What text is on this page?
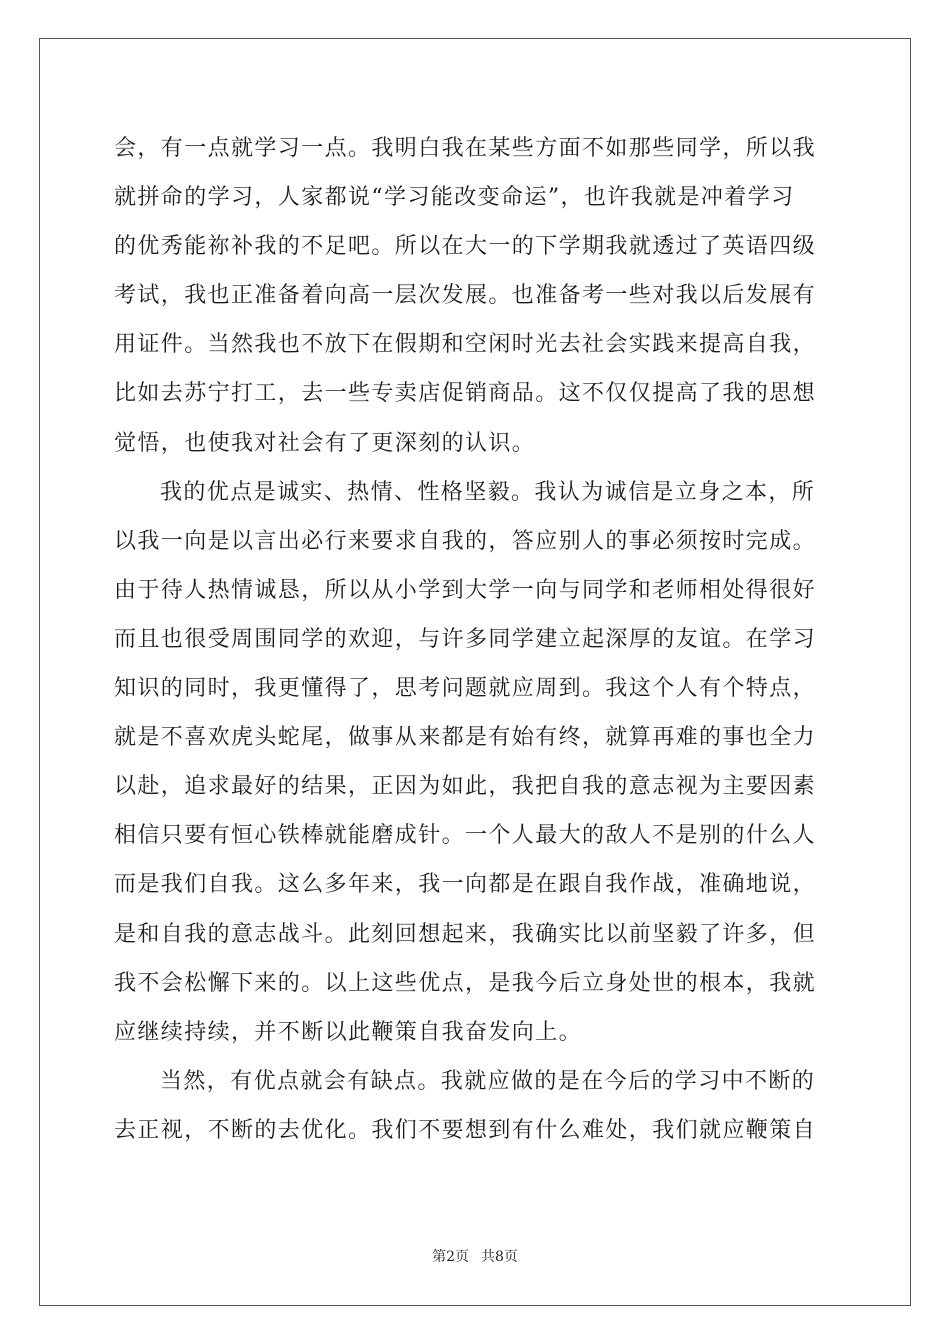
会，有一点就学习一点。我明白我在某些方面不如那些同学，所以我
就拼命的学习，人家都说“学习能改变命运”，也许我就是冲着学习
的优秀能祢补我的不足吧。所以在大一的下学期我就透过了英语四级
考试，我也正准备着向高一层次发展。也准备考一些对我以后发展有
用证件。当然我也不放下在假期和空闲时光去社会实践来提高自我，
比如去苏宁打工，去一些专卖店促销商品。这不仅仅提高了我的思想
觉悟，也使我对社会有了更深刻的认识。
我的优点是诚实、热情、性格坚毅。我认为诚信是立身之本，所
以我一向是以言出必行来要求自我的，答应别人的事必须按时完成。
由于待人热情诚恳，所以从小学到大学一向与同学和老师相处得很好
而且也很受周围同学的欢迎，与许多同学建立起深厚的友谊。在学习
知识的同时，我更懂得了，思考问题就应周到。我这个人有个特点，
就是不喜欢虎头蛇尾，做事从来都是有始有终，就算再难的事也全力
以赴，追求最好的结果，正因为如此，我把自我的意志视为主要因素
相信只要有恒心铁棒就能磨成针。一个人最大的敌人不是别的什么人
而是我们自我。这么多年来，我一向都是在跟自我作战，准确地说，
是和自我的意志战斗。此刻回想起来，我确实比以前坚毅了许多，但
我不会松懈下来的。以上这些优点，是我今后立身处世的根本，我就
应继续持续，并不断以此鞭策自我奋发向上。
当然，有优点就会有缺点。我就应做的是在今后的学习中不断的
去正视，不断的去优化。我们不要想到有什么难处，我们就应鞭策自
第2页 共8页
